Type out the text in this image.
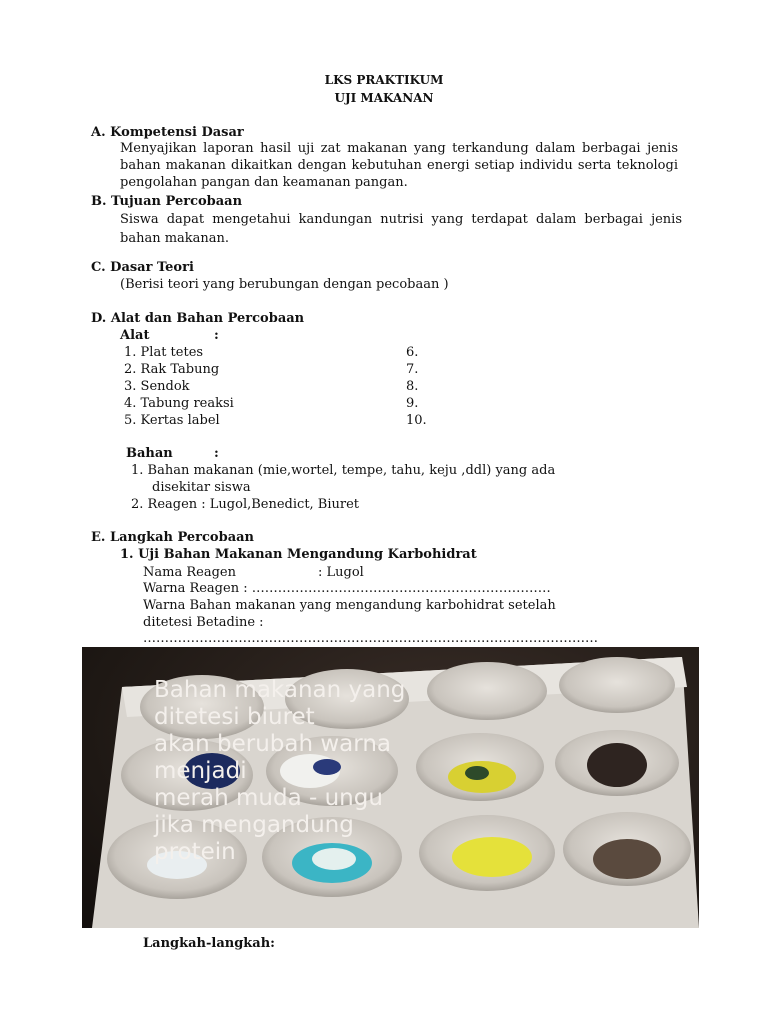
LKS PRAKTIKUM
UJI MAKANAN
A. Kompetensi Dasar
Menyajikan laporan hasil uji zat makanan yang terkandung dalam berbagai jenis bahan makanan dikaitkan dengan kebutuhan energi setiap individu serta teknologi pengolahan pangan dan keamanan pangan.
B. Tujuan Percobaan
Siswa dapat mengetahui kandungan nutrisi yang terdapat dalam berbagai jenis bahan makanan.
C. Dasar Teori
(Berisi teori yang berubungan dengan pecobaan )
D. Alat dan Bahan Percobaan
Alat	:
1. Plat tetes
2. Rak Tabung
3. Sendok
4. Tabung reaksi
5. Kertas label
6.
7.
8.
9.
10.
Bahan	:
1. Bahan makanan (mie,wortel, tempe, tahu, keju ,ddl) yang ada
disekitar siswa
2. Reagen : Lugol,Benedict, Biuret
E. Langkah Percobaan
1. Uji Bahan Makanan Mengandung Karbohidrat
Nama Reagen	: Lugol
Warna Reagen : ……………………………………………………………
Warna Bahan makanan yang mengandung karbohidrat setelah
ditetesi Betadine :
……………………………………………………………………………………………
Bahan makanan yang
ditetesi biuret
akan berubah warna
menjadi
merah muda - ungu
jika mengandung
protein
Langkah-langkah:
